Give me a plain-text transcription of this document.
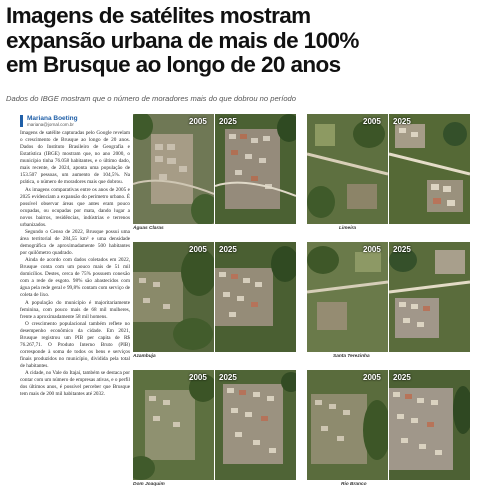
Imagens de satélites mostram
expansão urbana de mais de 100%
em Brusque ao longo de 20 anos
Dados do IBGE mostram que o número de moradores mais do que dobrou no período
Mariana Boeting
mariana@jornal.com.br

Imagens de satélite capturadas pelo Google revelam o crescimento de Brusque ao longo de 20 anos. Dados do Instituto Brasileiro de Geografia e Estatística (IBGE) mostram que, no ano 2000, o município tinha 76.058 habitantes, e o último dado, mais recente, de 2024, aponta uma população de 153.507 pessoas, um aumento de 104,5%. Na prática, o número de moradores mais que dobrou.

As imagens comparativas entre os anos de 2005 e 2025 evidenciam a expansão do perímetro urbano. É possível observar áreas que antes eram pouco ocupadas, ou ocupadas por mata, dando lugar a novos bairros, residências, indústrias e terrenos urbanizados.

Segundo o Censo de 2022, Brusque possui uma área territorial de 284,55 km² e uma densidade demográfica de aproximadamente 500 habitantes por quilômetro quadrado.

Ainda de acordo com dados coletados em 2022, Brusque conta com um pouco mais de 51 mil domicílios. Destes, cerca de 75% possuem conexão com a rede de esgoto. 98% são abastecidos com água pela rede geral e 99,8% contam com serviço de coleta de lixo.

A população do município é majoritariamente feminina, com pouco mais de 68 mil mulheres, frente a aproximadamente 58 mil homens.

O crescimento populacional também reflete no desempenho econômico da cidade. Em 2021, Brusque registrou um PIB per capita de R$ 76.267,71. O Produto Interno Bruto (PIB) corresponde à soma de todos os bens e serviços finais produzidos no município, dividida pela total de habitantes.

A cidade, no Vale do Itajaí, também se destaca por contar com um número de empresas ativas, e o perfil dos últimos anos, é possível perceber que Brusque tem mais de 200 mil habitantes até 2032.

2005 2025
Águas Claras
2005 2025
Limeira
2005 2025
Azambuja
2005 2025
Santa Terezinha
2005 2025
Dom Joaquim
2005 2025
Rio Branco
